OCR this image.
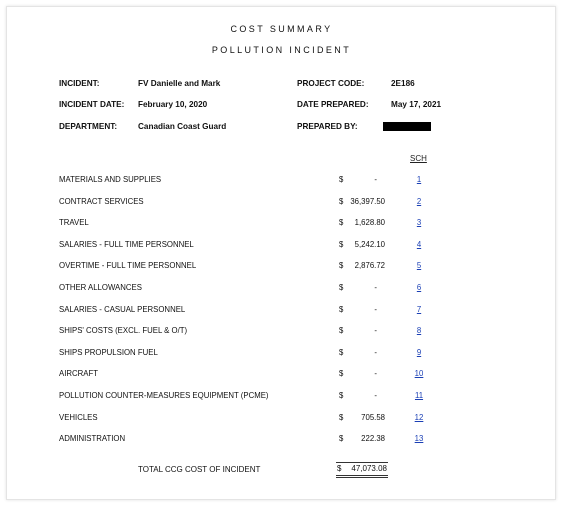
COST SUMMARY
POLLUTION INCIDENT
INCIDENT:	FV Danielle and Mark
INCIDENT DATE: February 10, 2020
DEPARTMENT:	Canadian Coast Guard
PROJECT CODE:	2E186
DATE PREPARED:	May 17, 2021
PREPARED BY:
SCH
MATERIALS AND SUPPLIES	$	-	1
CONTRACT SERVICES	$ 36,397.50	2
TRAVEL	$ 1,628.80	3
SALARIES - FULL TIME PERSONNEL	$ 5,242.10	4
OVERTIME - FULL TIME PERSONNEL	$ 2,876.72	5
OTHER ALLOWANCES	$	-	6
SALARIES - CASUAL PERSONNEL	$	-	7
SHIPS' COSTS (EXCL. FUEL & O/T)	$	-	8
SHIPS PROPULSION FUEL	$	-	9
AIRCRAFT	$	-	10
POLLUTION COUNTER-MEASURES EQUIPMENT (PCME)	$	-	11
VEHICLES	$ 705.58	12
ADMINISTRATION	$ 222.38	13
TOTAL CCG COST OF INCIDENT	$ 47,073.08
